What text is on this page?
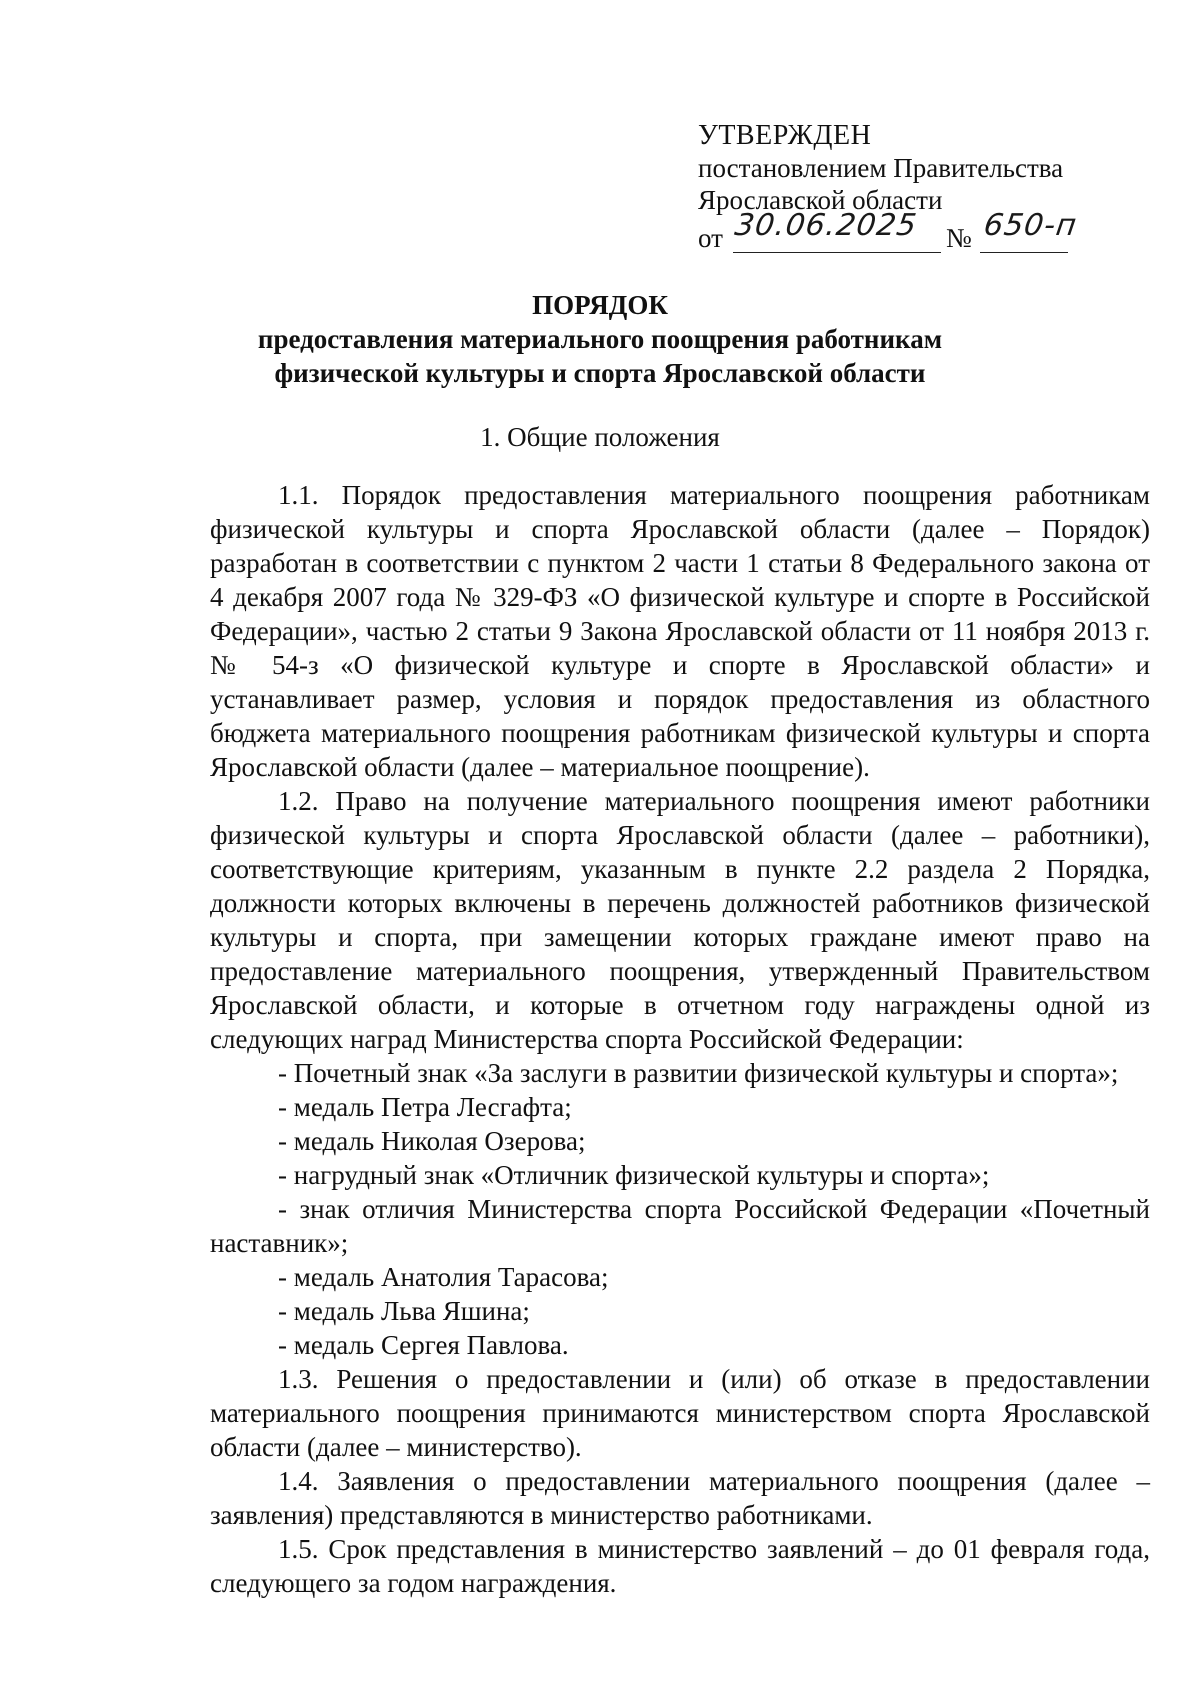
УТВЕРЖДЕН
постановлением Правительства
Ярославской области
от 30.06.2025 № 650-п
ПОРЯДОК
предоставления материального поощрения работникам физической культуры и спорта Ярославской области
1. Общие положения

1.1. Порядок предоставления материального поощрения работникам физической культуры и спорта Ярославской области (далее – Порядок) разработан в соответствии с пунктом 2 части 1 статьи 8 Федерального закона от 4 декабря 2007 года № 329-ФЗ «О физической культуре и спорте в Российской Федерации», частью 2 статьи 9 Закона Ярославской области от 11 ноября 2013 г. № 54-з «О физической культуре и спорте в Ярославской области» и устанавливает размер, условия и порядок предоставления из областного бюджета материального поощрения работникам физической культуры и спорта Ярославской области (далее – материальное поощрение).

1.2. Право на получение материального поощрения имеют работники физической культуры и спорта Ярославской области (далее – работники), соответствующие критериям, указанным в пункте 2.2 раздела 2 Порядка, должности которых включены в перечень должностей работников физической культуры и спорта, при замещении которых граждане имеют право на предоставление материального поощрения, утвержденный Правительством Ярославской области, и которые в отчетном году награждены одной из следующих наград Министерства спорта Российской Федерации:

- Почетный знак «За заслуги в развитии физической культуры и спорта»;

- медаль Петра Лесгафта;

- медаль Николая Озерова;

- нагрудный знак «Отличник физической культуры и спорта»;

- знак отличия Министерства спорта Российской Федерации «Почетный наставник»;

- медаль Анатолия Тарасова;

- медаль Льва Яшина;

- медаль Сергея Павлова.

1.3. Решения о предоставлении и (или) об отказе в предоставлении материального поощрения принимаются министерством спорта Ярославской области (далее – министерство).

1.4. Заявления о предоставлении материального поощрения (далее – заявления) представляются в министерство работниками.

1.5. Срок представления в министерство заявлений – до 01 февраля года, следующего за годом награждения.
